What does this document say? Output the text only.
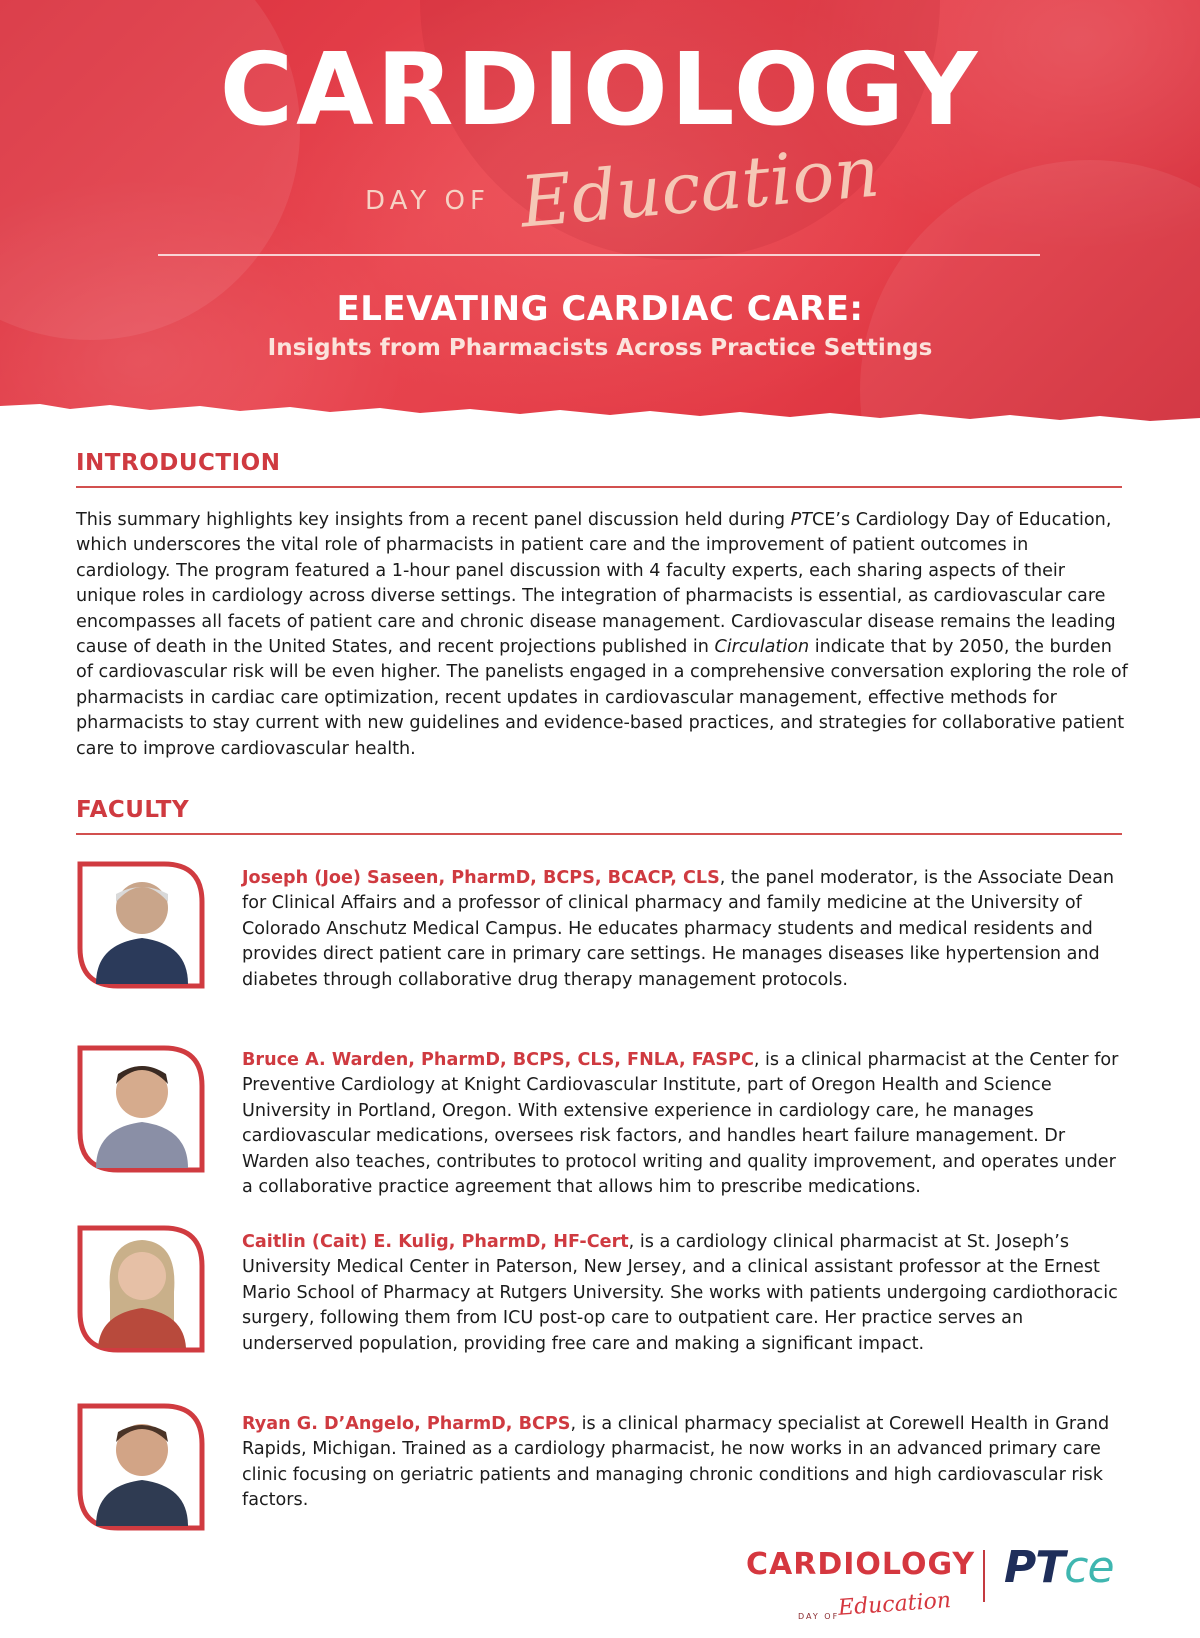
CARDIOLOGY
DAY OF Education
ELEVATING CARDIAC CARE:
Insights from Pharmacists Across Practice Settings
INTRODUCTION
This summary highlights key insights from a recent panel discussion held during PTCE’s Cardiology Day of Education, which underscores the vital role of pharmacists in patient care and the improvement of patient outcomes in cardiology. The program featured a 1-hour panel discussion with 4 faculty experts, each sharing aspects of their unique roles in cardiology across diverse settings. The integration of pharmacists is essential, as cardiovascular care encompasses all facets of patient care and chronic disease management. Cardiovascular disease remains the leading cause of death in the United States, and recent projections published in Circulation indicate that by 2050, the burden of cardiovascular risk will be even higher. The panelists engaged in a comprehensive conversation exploring the role of pharmacists in cardiac care optimization, recent updates in cardiovascular management, effective methods for pharmacists to stay current with new guidelines and evidence-based practices, and strategies for collaborative patient care to improve cardiovascular health.
FACULTY
Joseph (Joe) Saseen, PharmD, BCPS, BCACP, CLS, the panel moderator, is the Associate Dean for Clinical Affairs and a professor of clinical pharmacy and family medicine at the University of Colorado Anschutz Medical Campus. He educates pharmacy students and medical residents and provides direct patient care in primary care settings. He manages diseases like hypertension and diabetes through collaborative drug therapy management protocols.
Bruce A. Warden, PharmD, BCPS, CLS, FNLA, FASPC, is a clinical pharmacist at the Center for Preventive Cardiology at Knight Cardiovascular Institute, part of Oregon Health and Science University in Portland, Oregon. With extensive experience in cardiology care, he manages cardiovascular medications, oversees risk factors, and handles heart failure management. Dr Warden also teaches, contributes to protocol writing and quality improvement, and operates under a collaborative practice agreement that allows him to prescribe medications.
Caitlin (Cait) E. Kulig, PharmD, HF-Cert, is a cardiology clinical pharmacist at St. Joseph’s University Medical Center in Paterson, New Jersey, and a clinical assistant professor at the Ernest Mario School of Pharmacy at Rutgers University. She works with patients undergoing cardiothoracic surgery, following them from ICU post-op care to outpatient care. Her practice serves an underserved population, providing free care and making a significant impact.
Ryan G. D’Angelo, PharmD, BCPS, is a clinical pharmacy specialist at Corewell Health in Grand Rapids, Michigan. Trained as a cardiology pharmacist, he now works in an advanced primary care clinic focusing on geriatric patients and managing chronic conditions and high cardiovascular risk factors.
CARDIOLOGY
DAY OF
Education
PTce
